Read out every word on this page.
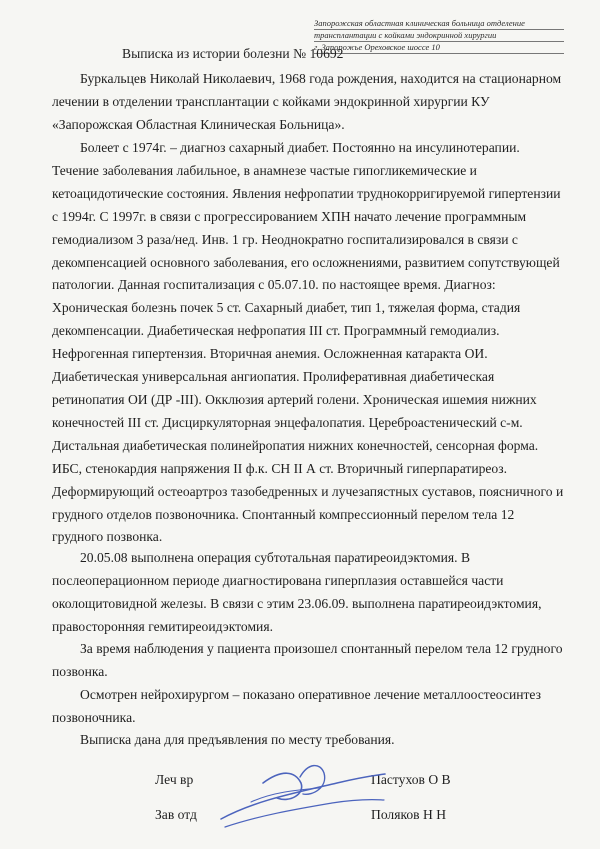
Запорожская областная клиническая больница отделение
трансплантации с койками эндокринной хирургии
г. Запорожье Ореховское шоссе 10
Выписка из истории болезни № 10692
Буркальцев Николай Николаевич, 1968 года рождения, находится на стационарном
лечении в отделении трансплантации с койками эндокринной хирургии КУ
«Запорожская Областная Клиническая Больница».
Болеет с 1974г. – диагноз сахарный диабет. Постоянно на инсулинотерапии.
Течение заболевания лабильное, в анамнезе частые гипогликемические и
кетоацидотические состояния. Явления нефропатии труднокорригируемой гипертензии
с 1994г. С 1997г. в связи с прогрессированием ХПН начато лечение программным
гемодиализом 3 раза/нед. Инв. 1 гр. Неоднократно госпитализировался в связи с
декомпенсацией основного заболевания, его осложнениями, развитием сопутствующей
патологии. Данная госпитализация с 05.07.10. по настоящее время. Диагноз:
Хроническая болезнь почек 5 ст. Сахарный диабет, тип 1, тяжелая форма, стадия
декомпенсации. Диабетическая нефропатия III ст. Программный гемодиализ.
Нефрогенная гипертензия. Вторичная анемия. Осложненная катаракта ОИ.
Диабетическая универсальная ангиопатия. Пролиферативная диабетическая
ретинопатия ОИ (ДР -III). Окклюзия артерий голени. Хроническая ишемия нижних
конечностей III ст. Дисциркуляторная энцефалопатия. Цереброастенический с-м.
Дистальная диабетическая полинейропатия нижних конечностей, сенсорная форма.
ИБС, стенокардия напряжения II ф.к. СН II А ст. Вторичный гиперпаратиреоз.
Деформирующий остеоартроз тазобедренных и лучезапястных суставов, поясничного и
грудного отделов позвоночника. Спонтанный компрессионный перелом тела 12
грудного позвонка.
20.05.08 выполнена операция субтотальная паратиреоидэктомия. В
послеоперационном периоде диагностирована гиперплазия оставшейся части
околощитовидной железы. В связи с этим 23.06.09. выполнена паратиреоидэктомия,
правосторонняя гемитиреоидэктомия.
За время наблюдения у пациента произошел спонтанный перелом тела 12 грудного
позвонка.
Осмотрен нейрохирургом – показано оперативное лечение металлоостеосинтез
позвоночника.
Выписка дана для предъявления по месту требования.
Леч вр	Пастухов О В
Зав отд	Поляков Н Н
